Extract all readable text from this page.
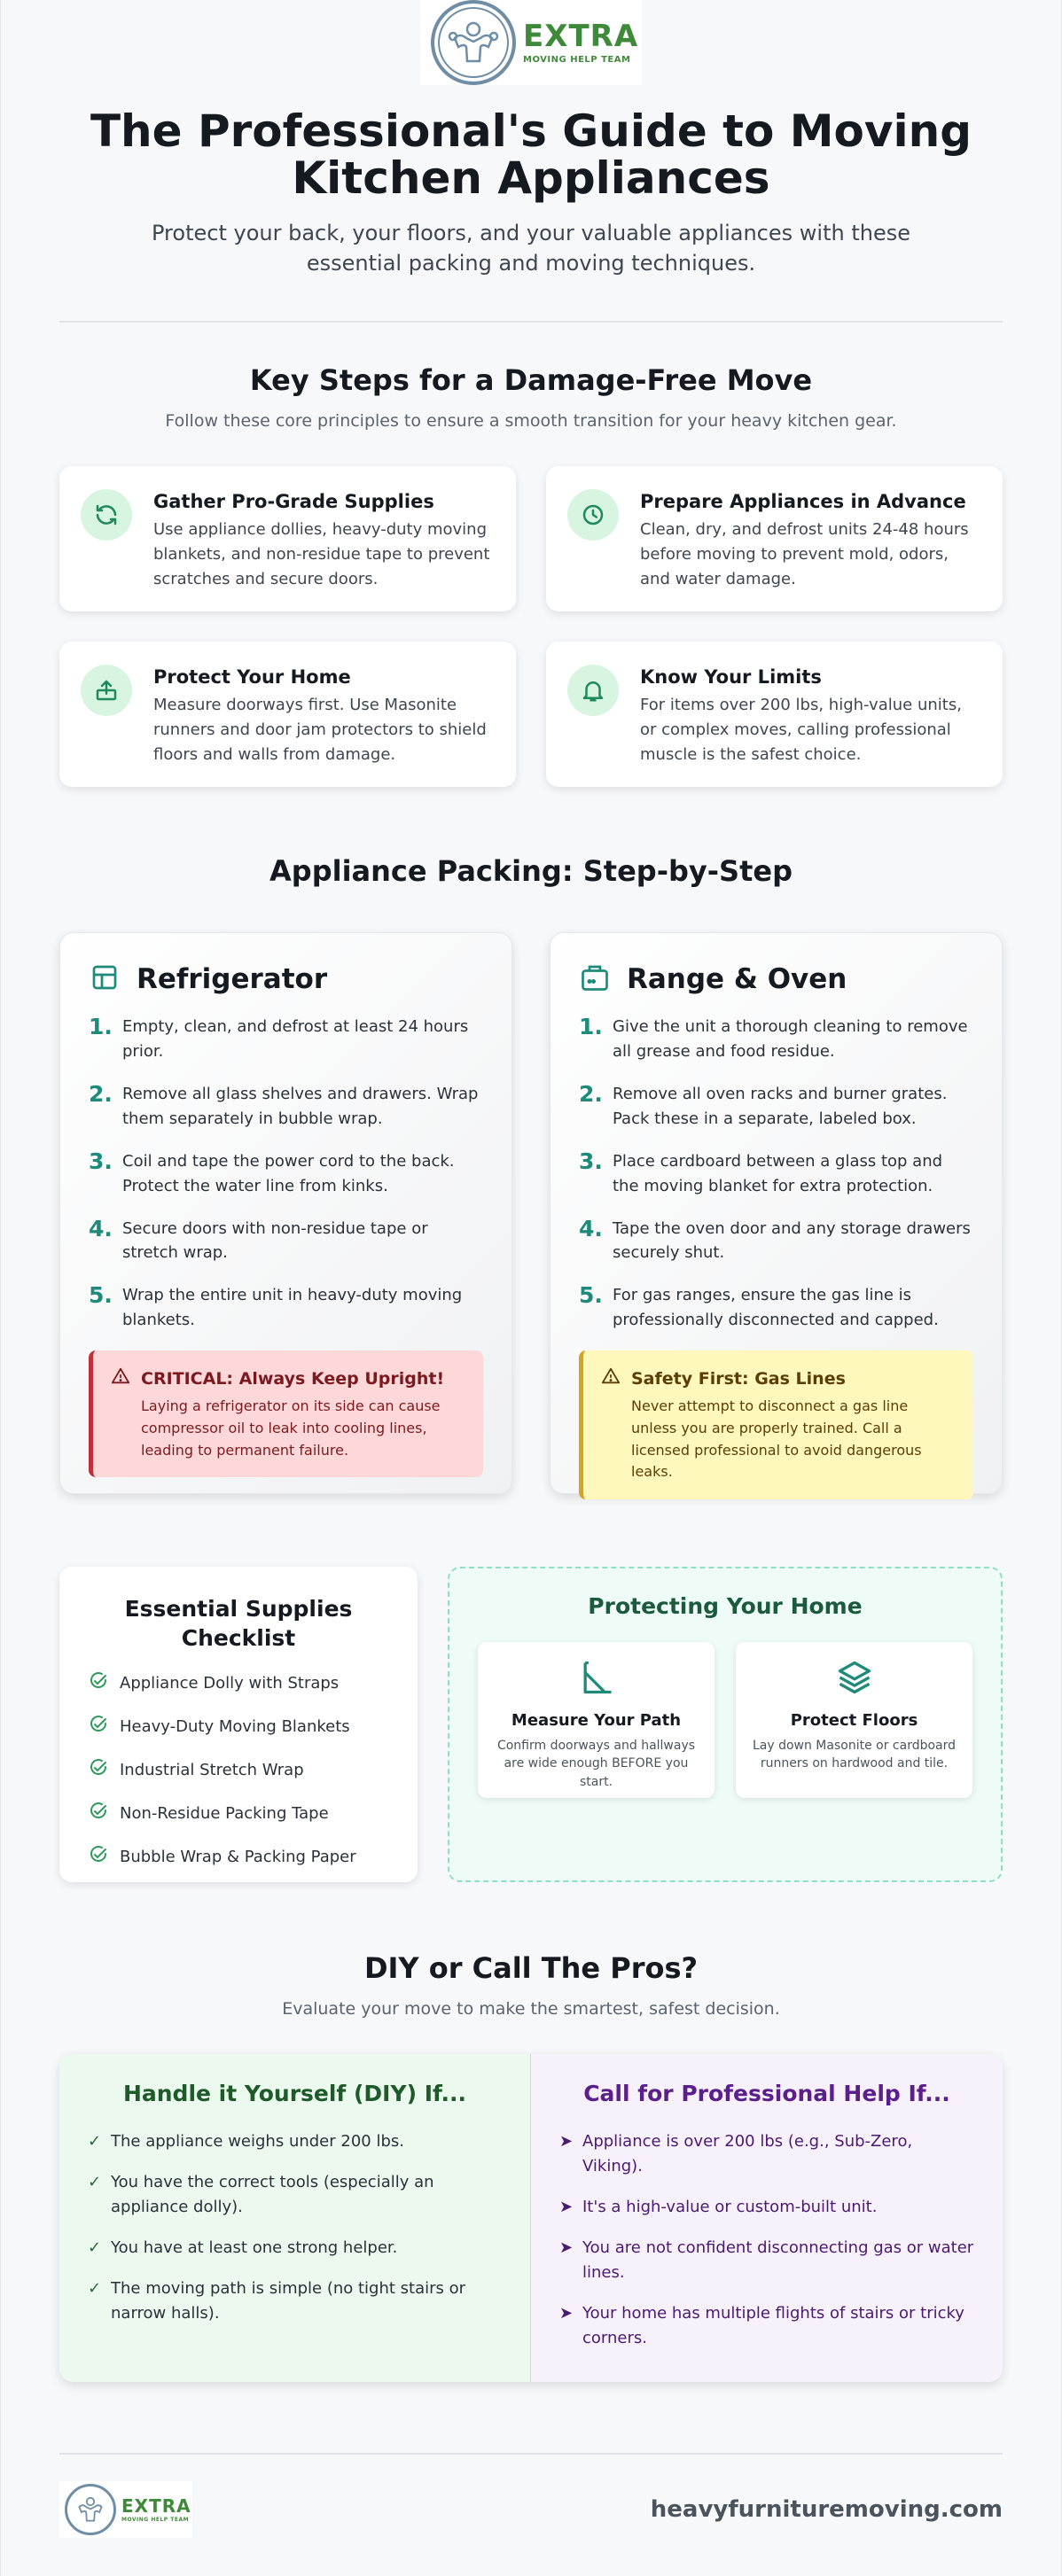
EXTRA
MOVING HELP TEAM
The Professional's Guide to Moving Kitchen Appliances

Protect your back, your floors, and your valuable appliances with these essential packing and moving techniques.

Key Steps for a Damage-Free Move

Follow these core principles to ensure a smooth transition for your heavy kitchen gear.

Gather Pro-Grade Supplies
Use appliance dollies, heavy-duty moving blankets, and non-residue tape to prevent scratches and secure doors.
Prepare Appliances in Advance
Clean, dry, and defrost units 24-48 hours before moving to prevent mold, odors, and water damage.
Protect Your Home
Measure doorways first. Use Masonite runners and door jam protectors to shield floors and walls from damage.
Know Your Limits
For items over 200 lbs, high-value units, or complex moves, calling professional muscle is the safest choice.
Appliance Packing: Step-by-Step
Refrigerator
1. Empty, clean, and defrost at least 24 hours prior.
2. Remove all glass shelves and drawers. Wrap them separately in bubble wrap.
3. Coil and tape the power cord to the back. Protect the water line from kinks.
4. Secure doors with non-residue tape or stretch wrap.
5. Wrap the entire unit in heavy-duty moving blankets.
CRITICAL: Always Keep Upright!
Laying a refrigerator on its side can cause compressor oil to leak into cooling lines, leading to permanent failure.
Range & Oven
1. Give the unit a thorough cleaning to remove all grease and food residue.
2. Remove all oven racks and burner grates. Pack these in a separate, labeled box.
3. Place cardboard between a glass top and the moving blanket for extra protection.
4. Tape the oven door and any storage drawers securely shut.
5. For gas ranges, ensure the gas line is professionally disconnected and capped.
Safety First: Gas Lines
Never attempt to disconnect a gas line unless you are properly trained. Call a licensed professional to avoid dangerous leaks.
Essential Supplies Checklist
Appliance Dolly with Straps
Heavy-Duty Moving Blankets
Industrial Stretch Wrap
Non-Residue Packing Tape
Bubble Wrap & Packing Paper
Protecting Your Home
Measure Your Path
Confirm doorways and hallways are wide enough BEFORE you start.
Protect Floors
Lay down Masonite or cardboard runners on hardwood and tile.
DIY or Call The Pros?

Evaluate your move to make the smartest, safest decision.

Handle it Yourself (DIY) If...
✓ The appliance weighs under 200 lbs.
✓ You have the correct tools (especially an appliance dolly).
✓ You have at least one strong helper.
✓ The moving path is simple (no tight stairs or narrow halls).
Call for Professional Help If...
➤ Appliance is over 200 lbs (e.g., Sub-Zero, Viking).
➤ It's a high-value or custom-built unit.
➤ You are not confident disconnecting gas or water lines.
➤ Your home has multiple flights of stairs or tricky corners.
EXTRA
MOVING HELP TEAM	heavyfurnituremoving.com
